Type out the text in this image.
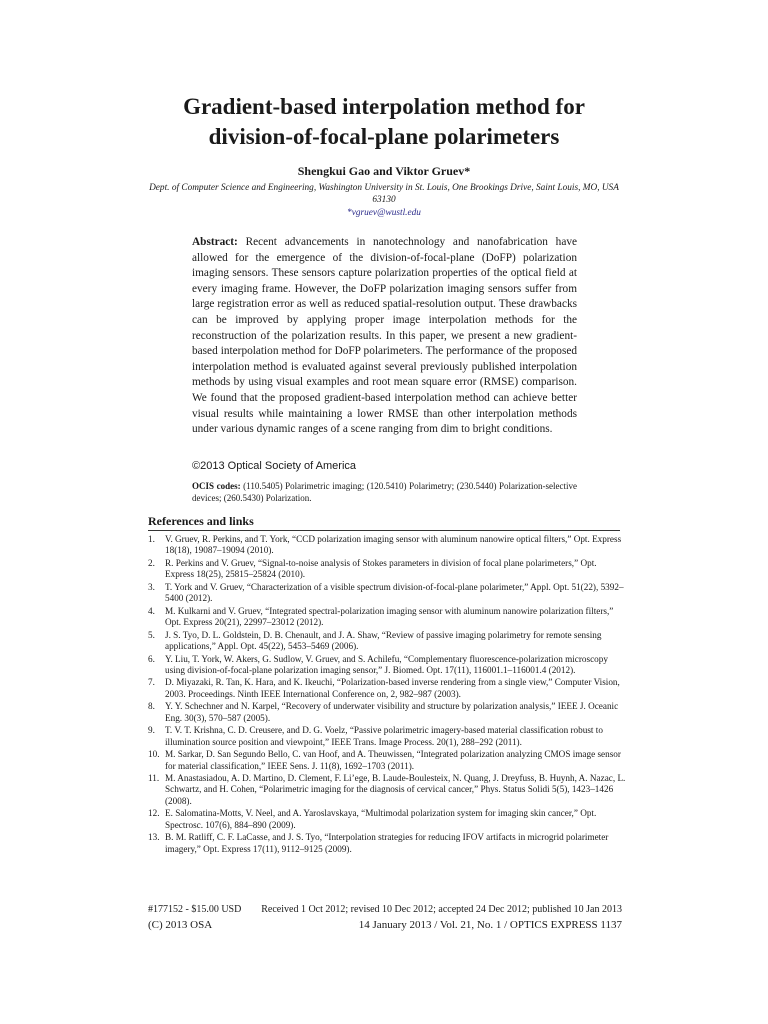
Gradient-based interpolation method for
division-of-focal-plane polarimeters
Shengkui Gao and Viktor Gruev*
Dept. of Computer Science and Engineering, Washington University in St. Louis, One Brookings Drive, Saint Louis, MO, USA 63130
*vgruev@wustl.edu

Abstract: Recent advancements in nanotechnology and nanofabrication have allowed for the emergence of the division-of-focal-plane (DoFP) polarization imaging sensors. These sensors capture polarization properties of the optical field at every imaging frame. However, the DoFP polarization imaging sensors suffer from large registration error as well as reduced spatial-resolution output. These drawbacks can be improved by applying proper image interpolation methods for the reconstruction of the polarization results. In this paper, we present a new gradient-based interpolation method for DoFP polarimeters. The performance of the proposed interpolation method is evaluated against several previously published interpolation methods by using visual examples and root mean square error (RMSE) comparison. We found that the proposed gradient-based interpolation method can achieve better visual results while maintaining a lower RMSE than other interpolation methods under various dynamic ranges of a scene ranging from dim to bright conditions.

©2013 Optical Society of America

OCIS codes: (110.5405) Polarimetric imaging; (120.5410) Polarimetry; (230.5440) Polarization-selective devices; (260.5430) Polarization.

References and links
1.	V. Gruev, R. Perkins, and T. York, “CCD polarization imaging sensor with aluminum nanowire optical filters,” Opt. Express 18(18), 19087–19094 (2010).
2.	R. Perkins and V. Gruev, “Signal-to-noise analysis of Stokes parameters in division of focal plane polarimeters,” Opt. Express 18(25), 25815–25824 (2010).
3.	T. York and V. Gruev, “Characterization of a visible spectrum division-of-focal-plane polarimeter,” Appl. Opt. 51(22), 5392–5400 (2012).
4.	M. Kulkarni and V. Gruev, “Integrated spectral-polarization imaging sensor with aluminum nanowire polarization filters,” Opt. Express 20(21), 22997–23012 (2012).
5.	J. S. Tyo, D. L. Goldstein, D. B. Chenault, and J. A. Shaw, “Review of passive imaging polarimetry for remote sensing applications,” Appl. Opt. 45(22), 5453–5469 (2006).
6.	Y. Liu, T. York, W. Akers, G. Sudlow, V. Gruev, and S. Achilefu, “Complementary fluorescence-polarization microscopy using division-of-focal-plane polarization imaging sensor,” J. Biomed. Opt. 17(11), 116001.1–116001.4 (2012).
7.	D. Miyazaki, R. Tan, K. Hara, and K. Ikeuchi, “Polarization-based inverse rendering from a single view,” Computer Vision, 2003. Proceedings. Ninth IEEE International Conference on, 2, 982–987 (2003).
8.	Y. Y. Schechner and N. Karpel, “Recovery of underwater visibility and structure by polarization analysis,” IEEE J. Oceanic Eng. 30(3), 570–587 (2005).
9.	T. V. T. Krishna, C. D. Creusere, and D. G. Voelz, “Passive polarimetric imagery-based material classification robust to illumination source position and viewpoint,” IEEE Trans. Image Process. 20(1), 288–292 (2011).
10. M. Sarkar, D. San Segundo Bello, C. van Hoof, and A. Theuwissen, “Integrated polarization analyzing CMOS image sensor for material classification,” IEEE Sens. J. 11(8), 1692–1703 (2011).
11. M. Anastasiadou, A. D. Martino, D. Clement, F. Li’ege, B. Laude-Boulesteix, N. Quang, J. Dreyfuss, B. Huynh, A. Nazac, L. Schwartz, and H. Cohen, “Polarimetric imaging for the diagnosis of cervical cancer,” Phys. Status Solidi 5(5), 1423–1426 (2008).
12. E. Salomatina-Motts, V. Neel, and A. Yaroslavskaya, “Multimodal polarization system for imaging skin cancer,” Opt. Spectrosc. 107(6), 884–890 (2009).
13. B. M. Ratliff, C. F. LaCasse, and J. S. Tyo, “Interpolation strategies for reducing IFOV artifacts in microgrid polarimeter imagery,” Opt. Express 17(11), 9112–9125 (2009).
#177152 - $15.00 USD Received 1 Oct 2012; revised 10 Dec 2012; accepted 24 Dec 2012; published 10 Jan 2013
(C) 2013 OSA	14 January 2013 / Vol. 21, No. 1 / OPTICS EXPRESS 1137
